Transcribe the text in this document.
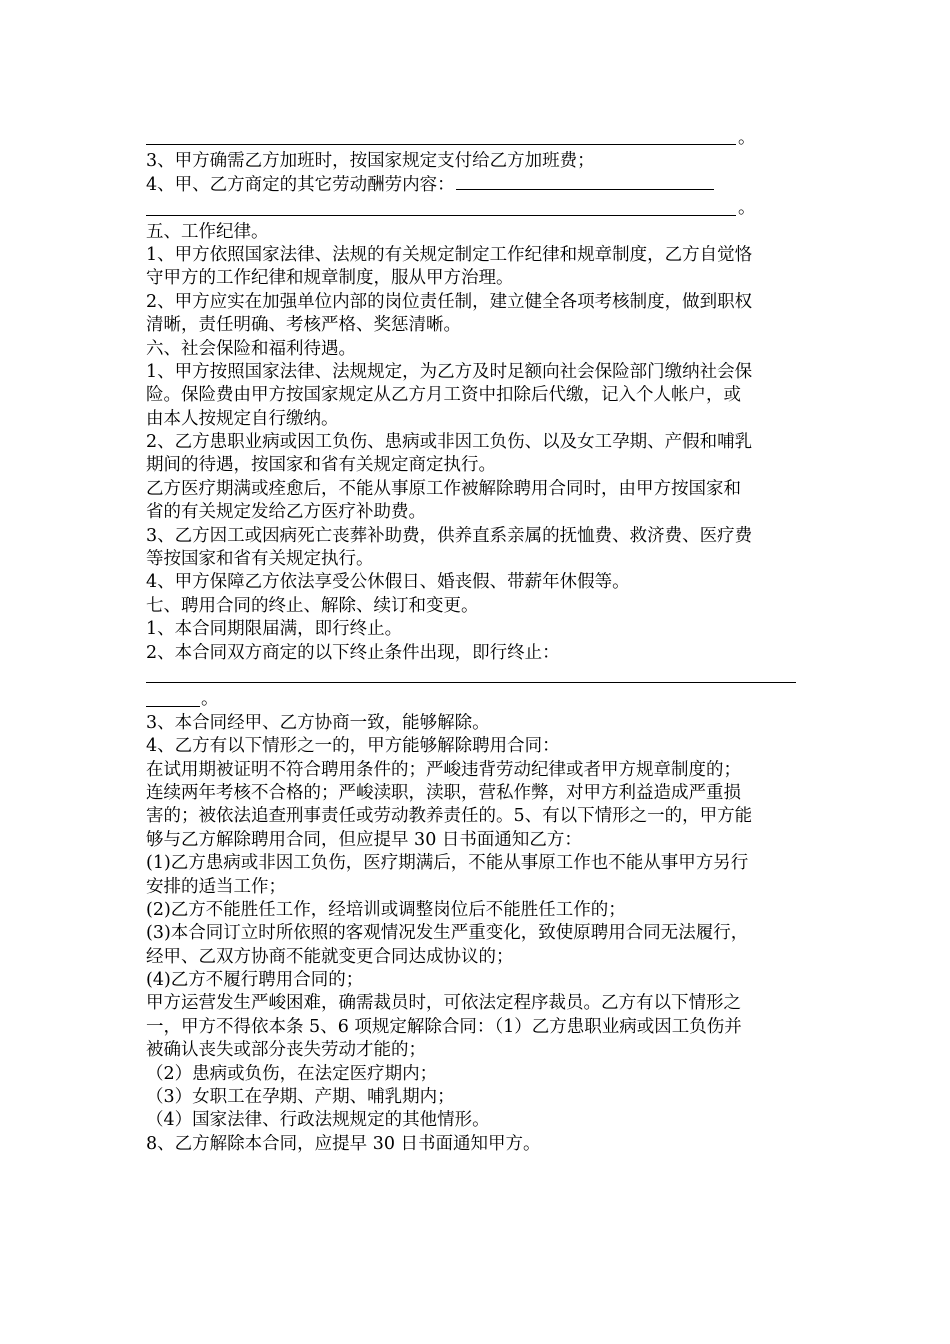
。
3、甲方确需乙方加班时，按国家规定支付给乙方加班费；
4、甲、乙方商定的其它劳动酬劳内容：
。
五、工作纪律。
1、甲方依照国家法律、法规的有关规定制定工作纪律和规章制度，乙方自觉恪
守甲方的工作纪律和规章制度，服从甲方治理。
2、甲方应实在加强单位内部的岗位责任制，建立健全各项考核制度，做到职权
清晰，责任明确、考核严格、奖惩清晰。
六、社会保险和福利待遇。
1、甲方按照国家法律、法规规定，为乙方及时足额向社会保险部门缴纳社会保
险。保险费由甲方按国家规定从乙方月工资中扣除后代缴，记入个人帐户，或
由本人按规定自行缴纳。
2、乙方患职业病或因工负伤、患病或非因工负伤、以及女工孕期、产假和哺乳
期间的待遇，按国家和省有关规定商定执行。
乙方医疗期满或痊愈后，不能从事原工作被解除聘用合同时，由甲方按国家和
省的有关规定发给乙方医疗补助费。
3、乙方因工或因病死亡丧葬补助费，供养直系亲属的抚恤费、救济费、医疗费
等按国家和省有关规定执行。
4、甲方保障乙方依法享受公休假日、婚丧假、带薪年休假等。
七、聘用合同的终止、解除、续订和变更。
1、本合同期限届满，即行终止。
2、本合同双方商定的以下终止条件出现，即行终止：
。
3、本合同经甲、乙方协商一致，能够解除。
4、乙方有以下情形之一的，甲方能够解除聘用合同：
在试用期被证明不符合聘用条件的；严峻违背劳动纪律或者甲方规章制度的；
连续两年考核不合格的；严峻渎职，渎职，营私作弊，对甲方利益造成严重损
害的；被依法追查刑事责任或劳动教养责任的。5、有以下情形之一的，甲方能
够与乙方解除聘用合同，但应提早 30 日书面通知乙方：
(1)乙方患病或非因工负伤，医疗期满后，不能从事原工作也不能从事甲方另行
安排的适当工作；
(2)乙方不能胜任工作，经培训或调整岗位后不能胜任工作的；
(3)本合同订立时所依照的客观情况发生严重变化，致使原聘用合同无法履行，
经甲、乙双方协商不能就变更合同达成协议的；
(4)乙方不履行聘用合同的；
甲方运营发生严峻困难，确需裁员时，可依法定程序裁员。乙方有以下情形之
一，甲方不得依本条 5、6 项规定解除合同：（1）乙方患职业病或因工负伤并
被确认丧失或部分丧失劳动才能的；
（2）患病或负伤，在法定医疗期内；
（3）女职工在孕期、产期、哺乳期内；
（4）国家法律、行政法规规定的其他情形。
8、乙方解除本合同，应提早 30 日书面通知甲方。
